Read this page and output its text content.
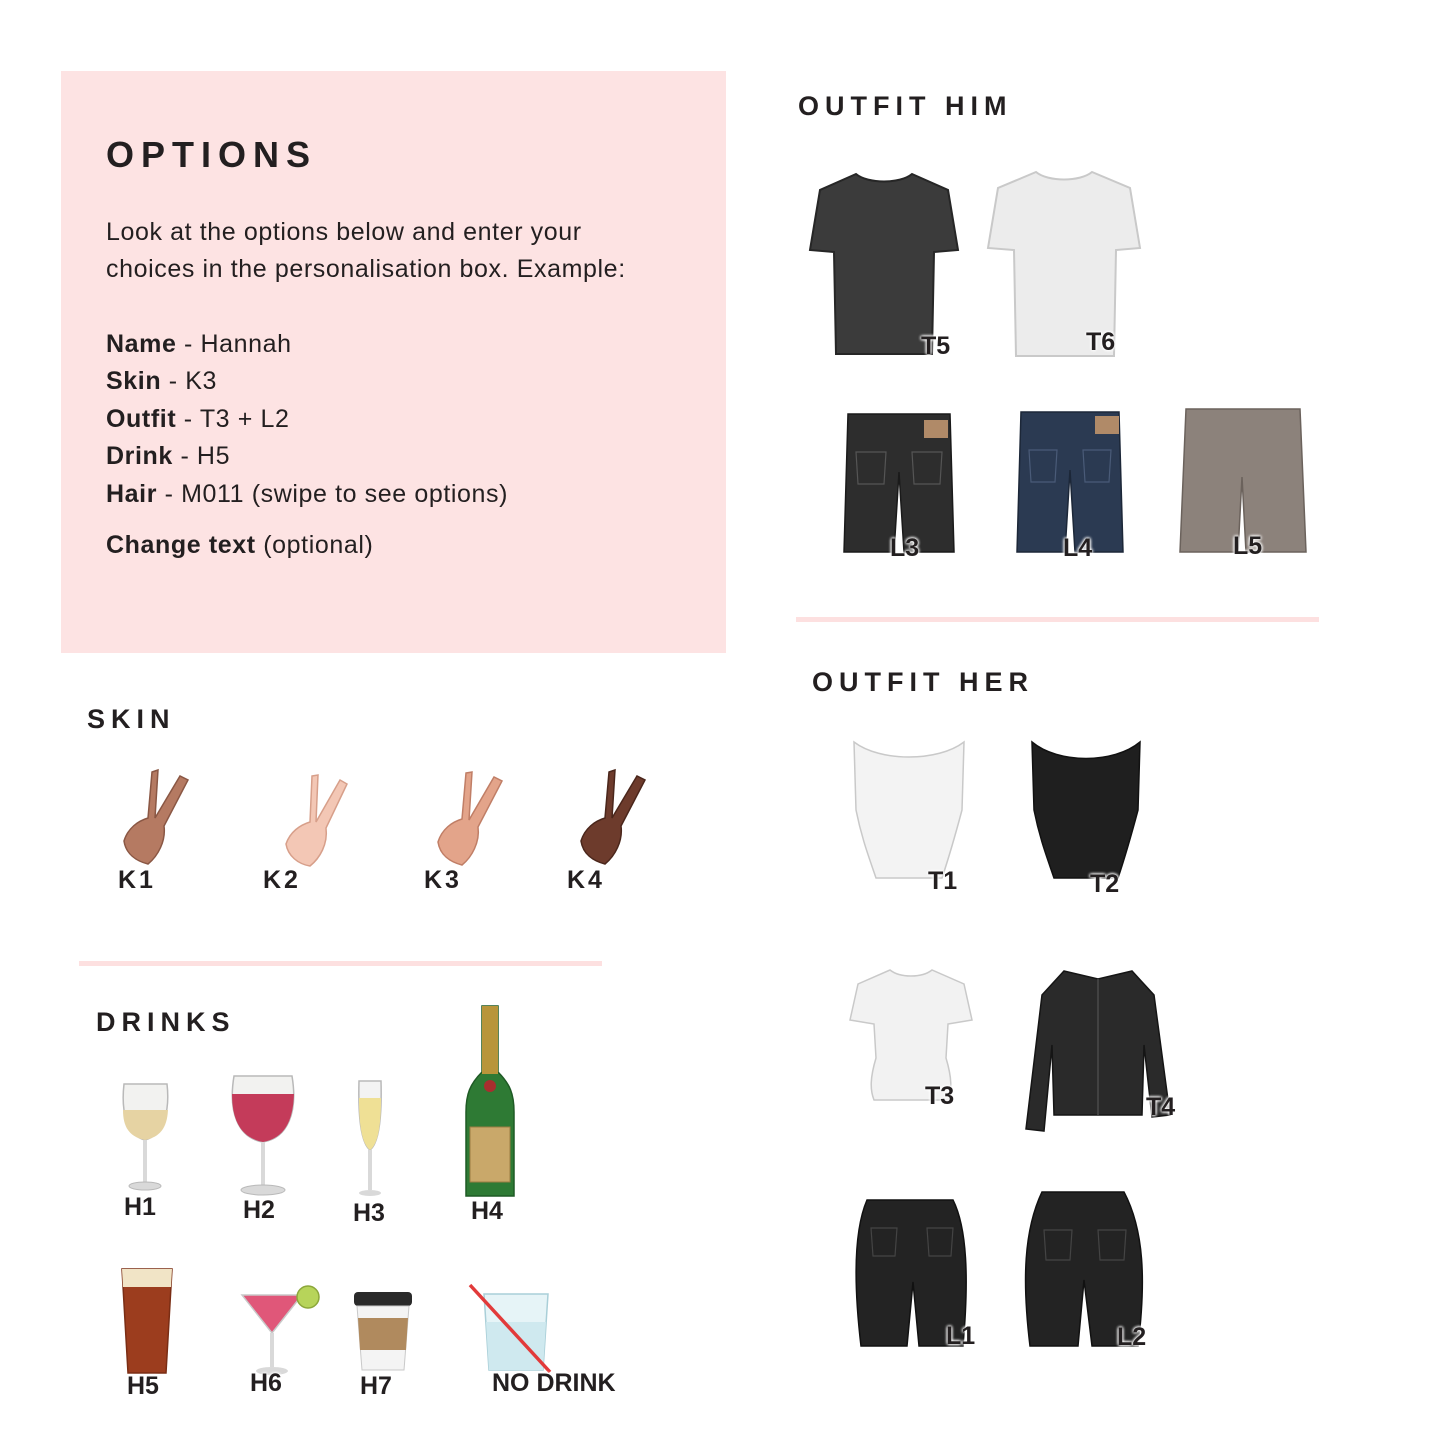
OPTIONS
Look at the options below and enter your
choices in the personalisation box. Example:
Name - Hannah
Skin - K3
Outfit - T3 + L2
Drink - H5
Hair - M011 (swipe to see options)
Change text (optional)
SKIN
K1	K2	K3	K4
DRINKS
H1	H2	H3	H4
H5	H6	H7	NO DRINK
OUTFIT HIM
T5	T6
L3	L4	L5
OUTFIT HER
T1	T2
T3	T4
L1	L2
